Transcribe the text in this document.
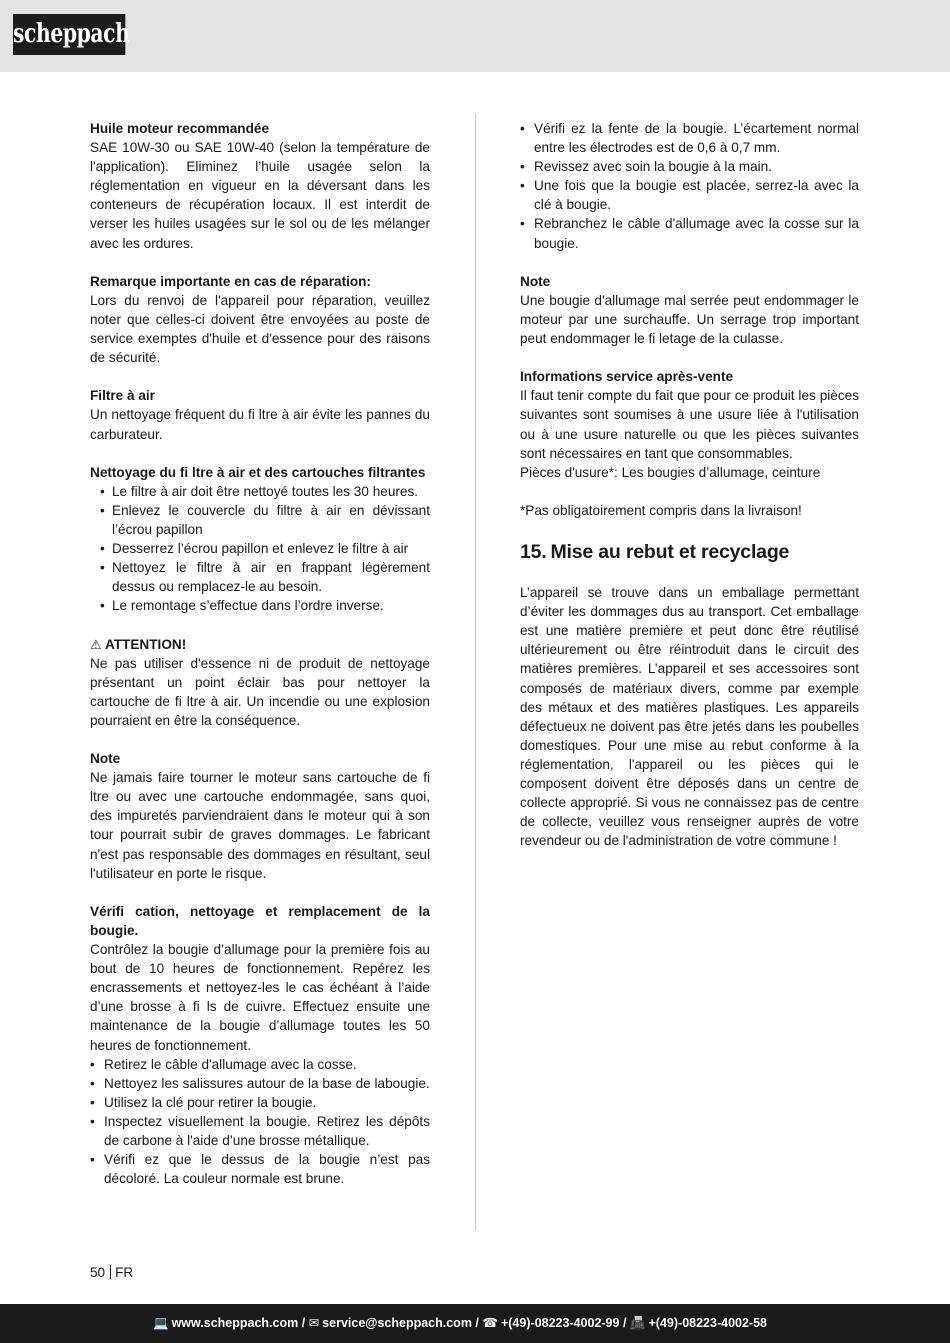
scheppach
Huile moteur recommandée

SAE 10W-30 ou SAE 10W-40 (selon la température de l'application). Eliminez l’huile usagée selon la réglementation en vigueur en la déversant dans les conteneurs de récupération locaux. Il est interdit de verser les huiles usagées sur le sol ou de les mélanger avec les ordures.

Remarque importante en cas de réparation:

Lors du renvoi de l'appareil pour réparation, veuillez noter que celles-ci doivent être envoyées au poste de service exemptes d'huile et d'essence pour des raisons de sécurité.

Filtre à air

Un nettoyage fréquent du fi ltre à air évite les pannes du carburateur.

Nettoyage du fi ltre à air et des cartouches filtrantes

• Le filtre à air doit être nettoyé toutes les 30 heures.
• Enlevez le couvercle du filtre à air en dévissant l’écrou papillon
• Desserrez l’écrou papillon et enlevez le filtre à air
• Nettoyez le filtre à air en frappant légèrement dessus ou remplacez-le au besoin.
• Le remontage s’effectue dans l’ordre inverse.
⚠ ATTENTION!

Ne pas utiliser d'essence ni de produit de nettoyage présentant un point éclair bas pour nettoyer la cartouche de fi ltre à air. Un incendie ou une explosion pourraient en être la conséquence.

Note

Ne jamais faire tourner le moteur sans cartouche de fi ltre ou avec une cartouche endommagée, sans quoi, des impuretés parviendraient dans le moteur qui à son tour pourrait subir de graves dommages. Le fabricant n'est pas responsable des dommages en résultant, seul l'utilisateur en porte le risque.

Vérifi cation, nettoyage et remplacement de la bougie.

Contrôlez la bougie d’allumage pour la première fois au bout de 10 heures de fonctionnement. Repérez les encrassements et nettoyez-les le cas échéant à l’aide d’une brosse à fi ls de cuivre. Effectuez ensuite une maintenance de la bougie d’allumage toutes les 50 heures de fonctionnement.

• Retirez le câble d'allumage avec la cosse.
• Nettoyez les salissures autour de la base de labougie.
• Utilisez la clé pour retirer la bougie.
• Inspectez visuellement la bougie. Retirez les dépôts de carbone à l'aide d’une brosse métallique.
• Vérifi ez que le dessus de la bougie n’est pas décoloré. La couleur normale est brune.
• Vérifi ez la fente de la bougie. L’écartement normal entre les électrodes est de 0,6 à 0,7 mm.
• Revissez avec soin la bougie à la main.
• Une fois que la bougie est placée, serrez-la avec la clé à bougie.
• Rebranchez le câble d'allumage avec la cosse sur la bougie.
Note

Une bougie d'allumage mal serrée peut endommager le moteur par une surchauffe. Un serrage trop important peut endommager le fi letage de la culasse.

Informations service après-vente

Il faut tenir compte du fait que pour ce produit les pièces suivantes sont soumises à une usure liée à l'utilisation ou à une usure naturelle ou que les pièces suivantes sont nécessaires en tant que consommables.

Pièces d'usure*: Les bougies d’allumage, ceinture

*Pas obligatoirement compris dans la livraison!

15. Mise au rebut et recyclage

L’appareil se trouve dans un emballage permettant d’éviter les dommages dus au transport. Cet emballage est une matière première et peut donc être réutilisé ultérieurement ou être réintroduit dans le circuit des matières premières. L’appareil et ses accessoires sont composés de matériaux divers, comme par exemple des métaux et des matières plastiques. Les appareils défectueux ne doivent pas être jetés dans les poubelles domestiques. Pour une mise au rebut conforme à la réglementation, l'appareil ou les pièces qui le composent doivent être déposés dans un centre de collecte approprié. Si vous ne connaissez pas de centre de collecte, veuillez vous renseigner auprès de votre revendeur ou de l'administration de votre commune !

50 FR
💻 www.scheppach.com / ✉ service@scheppach.com / ☎ +(49)-08223-4002-99 / 📠 +(49)-08223-4002-58
